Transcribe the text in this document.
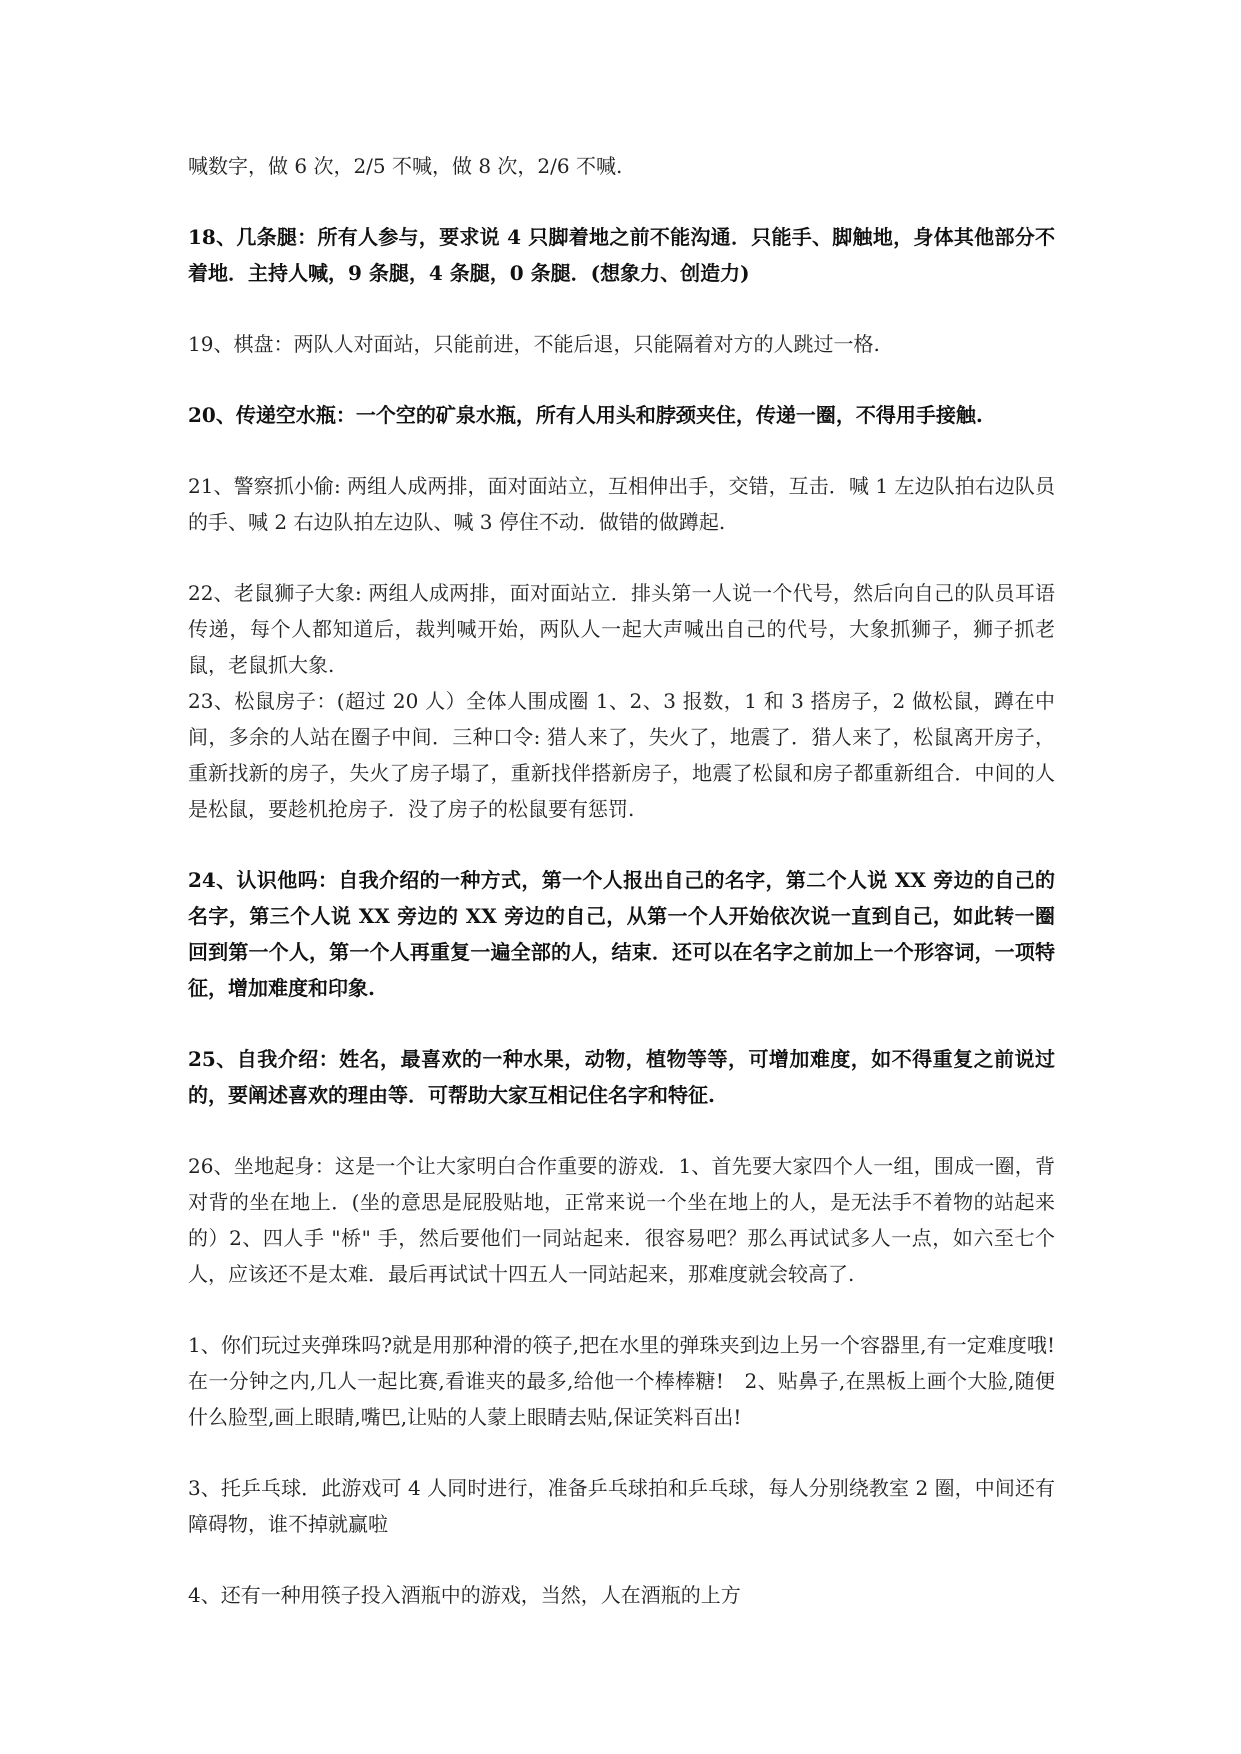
喊数字，做 6 次，2/5 不喊，做 8 次，2/6 不喊.

18、几条腿：所有人参与，要求说 4 只脚着地之前不能沟通．只能手、脚触地，身体其他部分不着地．主持人喊，9 条腿，4 条腿，0 条腿．(想象力、创造力)

19、棋盘：两队人对面站，只能前进，不能后退，只能隔着对方的人跳过一格.

20、传递空水瓶：一个空的矿泉水瓶，所有人用头和脖颈夹住，传递一圈，不得用手接触.

21、警察抓小偷: 两组人成两排，面对面站立，互相伸出手，交错，互击．喊 1 左边队拍右边队员的手、喊 2 右边队拍左边队、喊 3 停住不动．做错的做蹲起.

22、老鼠狮子大象: 两组人成两排，面对面站立．排头第一人说一个代号，然后向自己的队员耳语传递，每个人都知道后，裁判喊开始，两队人一起大声喊出自己的代号，大象抓狮子，狮子抓老鼠，老鼠抓大象.

23、松鼠房子：(超过 20 人）全体人围成圈 1、2、3 报数，1 和 3 搭房子，2 做松鼠，蹲在中间，多余的人站在圈子中间．三种口令: 猎人来了，失火了，地震了．猎人来了，松鼠离开房子，重新找新的房子，失火了房子塌了，重新找伴搭新房子，地震了松鼠和房子都重新组合．中间的人是松鼠，要趁机抢房子．没了房子的松鼠要有惩罚.

24、认识他吗：自我介绍的一种方式，第一个人报出自己的名字，第二个人说 XX 旁边的自己的名字，第三个人说 XX 旁边的 XX 旁边的自己，从第一个人开始依次说一直到自己，如此转一圈回到第一个人，第一个人再重复一遍全部的人，结束．还可以在名字之前加上一个形容词，一项特征，增加难度和印象.

25、自我介绍：姓名，最喜欢的一种水果，动物，植物等等，可增加难度，如不得重复之前说过的，要阐述喜欢的理由等．可帮助大家互相记住名字和特征.

26、坐地起身：这是一个让大家明白合作重要的游戏．1、首先要大家四个人一组，围成一圈，背对背的坐在地上．(坐的意思是屁股贴地，正常来说一个坐在地上的人，是无法手不着物的站起来的）2、四人手 "桥" 手，然后要他们一同站起来．很容易吧？那么再试试多人一点，如六至七个人，应该还不是太难．最后再试试十四五人一同站起来，那难度就会较高了.

1、你们玩过夹弹珠吗?就是用那种滑的筷子,把在水里的弹珠夹到边上另一个容器里,有一定难度哦!在一分钟之内,几人一起比赛,看谁夹的最多,给他一个棒棒糖!　2、贴鼻子,在黑板上画个大脸,随便什么脸型,画上眼睛,嘴巴,让贴的人蒙上眼睛去贴,保证笑料百出!

3、托乒乓球．此游戏可 4 人同时进行，准备乒乓球拍和乒乓球，每人分别绕教室 2 圈，中间还有障碍物，谁不掉就赢啦

4、还有一种用筷子投入酒瓶中的游戏，当然，人在酒瓶的上方
